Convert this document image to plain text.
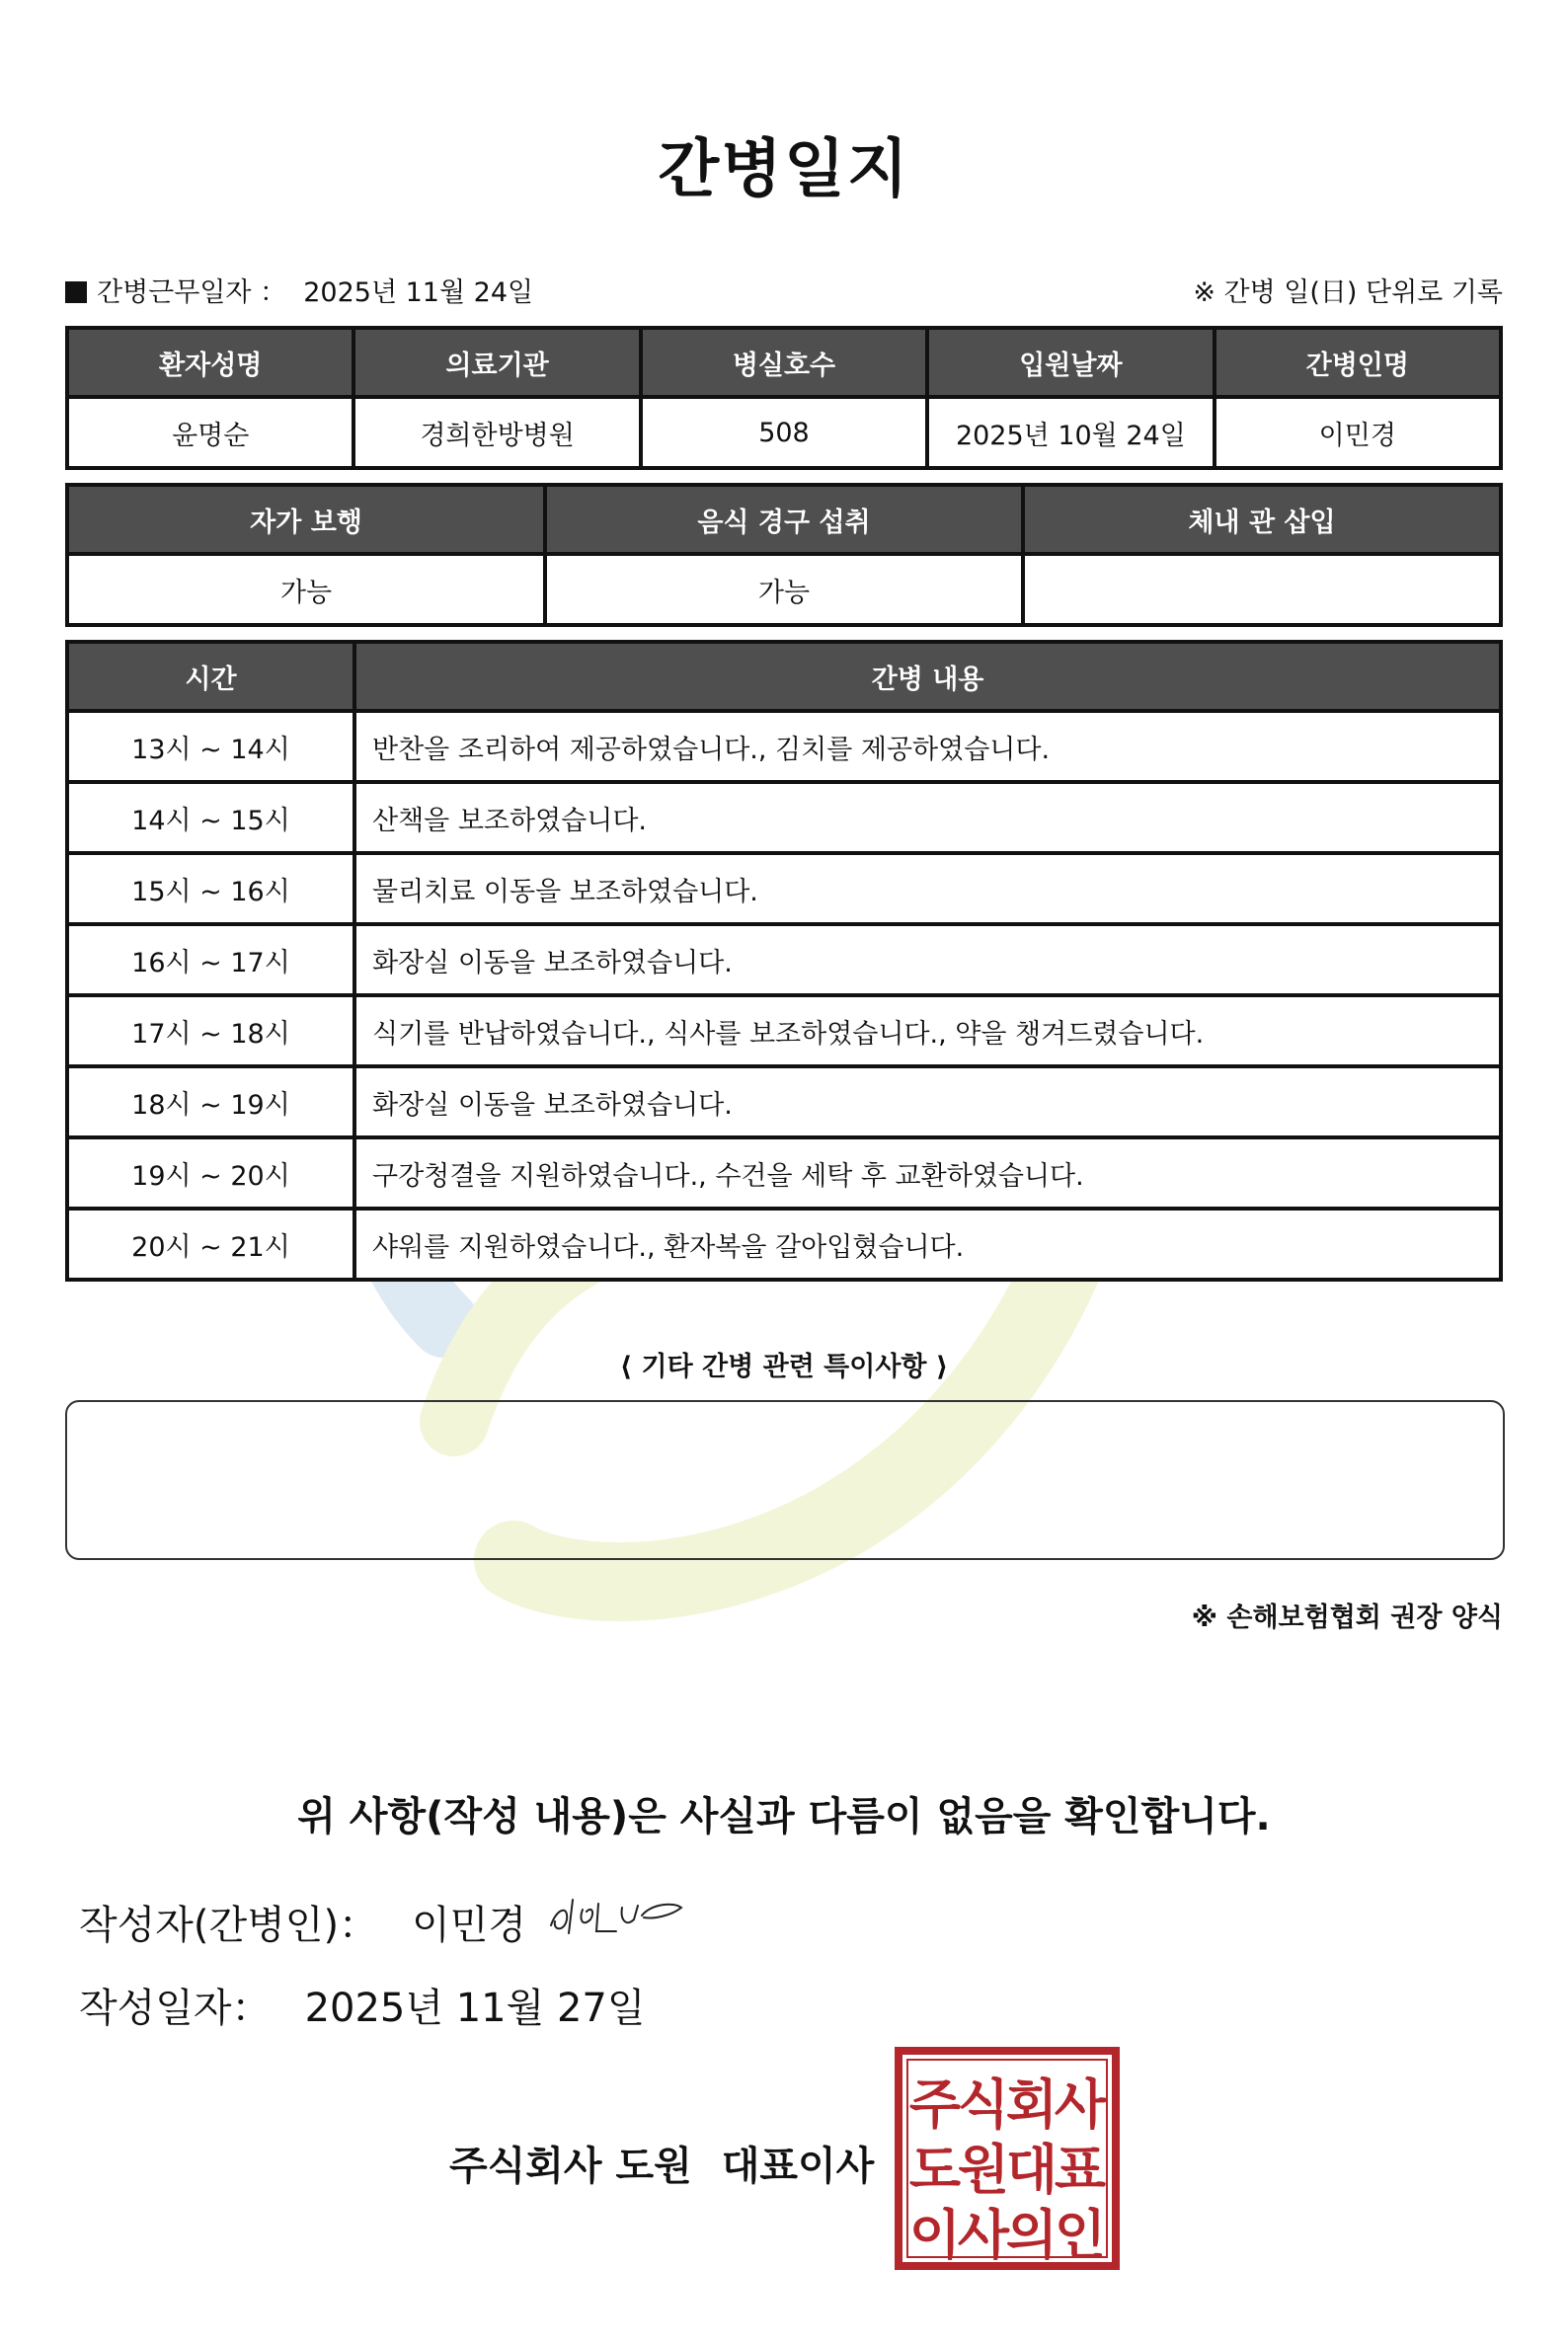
간병일지
간병근무일자 ： 2025년 11월 24일	※ 간병 일(日) 단위로 기록
환자성명	의료기관	병실호수	입원날짜	간병인명
윤명순	경희한방병원	508	2025년 10월 24일	이민경
자가 보행	음식 경구 섭취	체내 관 삽입
가능	가능	
시간	간병 내용
13시 ~ 14시	반찬을 조리하여 제공하였습니다., 김치를 제공하였습니다.
14시 ~ 15시	산책을 보조하였습니다.
15시 ~ 16시	물리치료 이동을 보조하였습니다.
16시 ~ 17시	화장실 이동을 보조하였습니다.
17시 ~ 18시	식기를 반납하였습니다., 식사를 보조하였습니다., 약을 챙겨드렸습니다.
18시 ~ 19시	화장실 이동을 보조하였습니다.
19시 ~ 20시	구강청결을 지원하였습니다., 수건을 세탁 후 교환하였습니다.
20시 ~ 21시	샤워를 지원하였습니다., 환자복을 갈아입혔습니다.
⟨ 기타 간병 관련 특이사항 ⟩
※ 손해보험협회 권장 양식
위 사항(작성 내용)은 사실과 다름이 없음을 확인합니다.
작성자(간병인)： 이민경
작성일자： 2025년 11월 27일
주식회사 도원 대표이사
주
식
회
사
도
원
대
표
이
사
의
인
